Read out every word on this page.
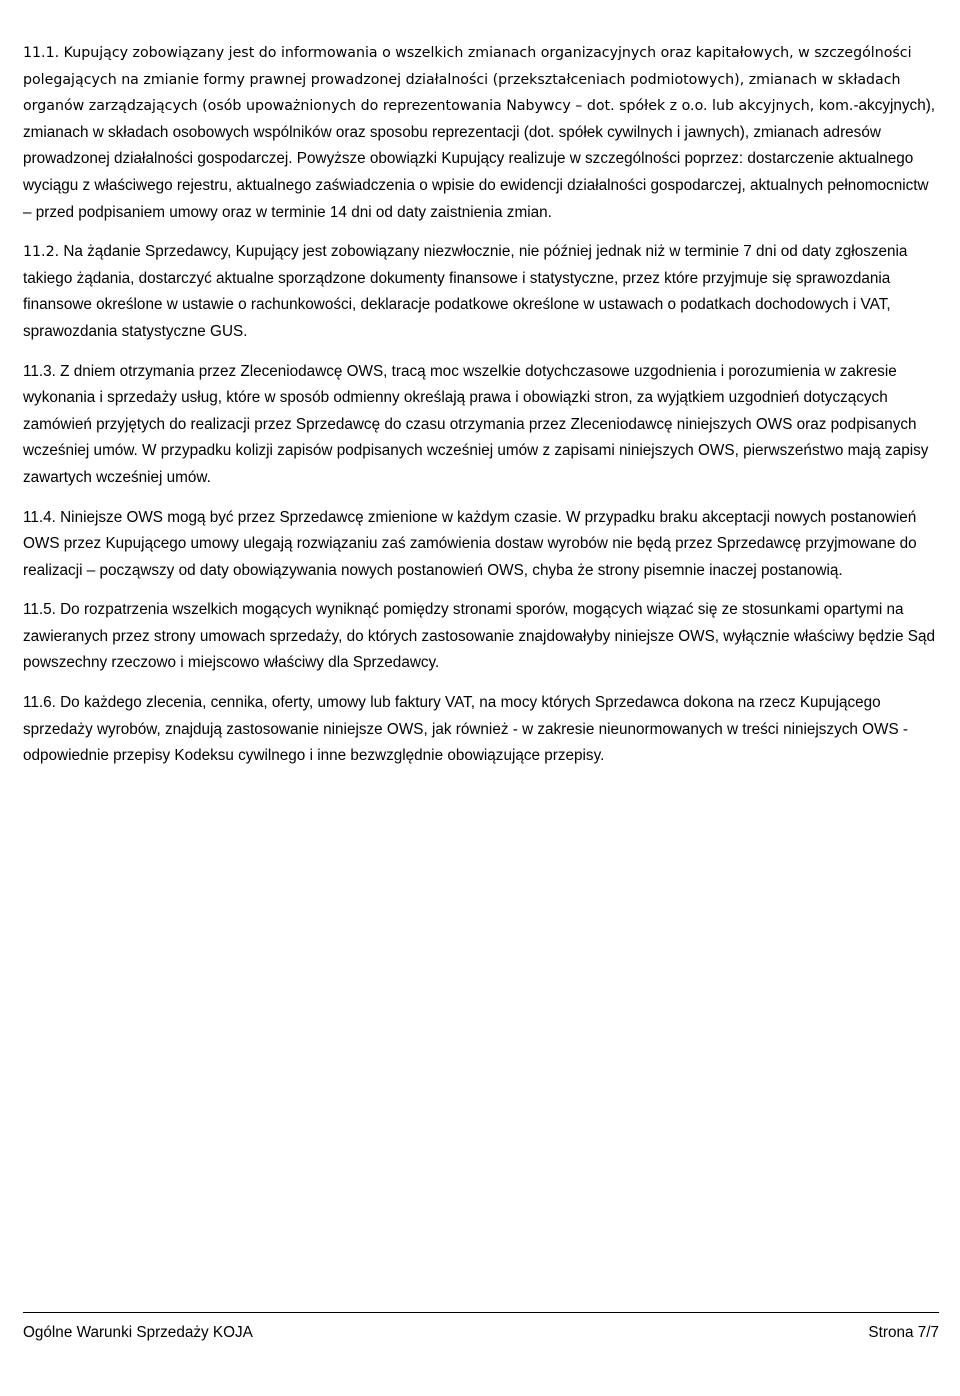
11.1. Kupujący zobowiązany jest do informowania o wszelkich zmianach organizacyjnych oraz kapitałowych, w szczególności polegających na zmianie formy prawnej prowadzonej działalności (przekształceniach podmiotowych), zmianach w składach organów zarządzających (osób upoważnionych do reprezentowania Nabywcy – dot. spółek z o.o. lub akcyjnych, kom.-akcyjnych), zmianach w składach osobowych wspólników oraz sposobu reprezentacji (dot. spółek cywilnych i jawnych), zmianach adresów prowadzonej działalności gospodarczej. Powyższe obowiązki Kupujący realizuje w szczególności poprzez: dostarczenie aktualnego wyciągu z właściwego rejestru, aktualnego zaświadczenia o wpisie do ewidencji działalności gospodarczej, aktualnych pełnomocnictw – przed podpisaniem umowy oraz w terminie 14 dni od daty zaistnienia zmian.

11.2. Na żądanie Sprzedawcy, Kupujący jest zobowiązany niezwłocznie, nie później jednak niż w terminie 7 dni od daty zgłoszenia takiego żądania, dostarczyć aktualne sporządzone dokumenty finansowe i statystyczne, przez które przyjmuje się sprawozdania finansowe określone w ustawie o rachunkowości, deklaracje podatkowe określone w ustawach o podatkach dochodowych i VAT, sprawozdania statystyczne GUS.

11.3. Z dniem otrzymania przez Zleceniodawcę OWS, tracą moc wszelkie dotychczasowe uzgodnienia i porozumienia w zakresie wykonania i sprzedaży usług, które w sposób odmienny określają prawa i obowiązki stron, za wyjątkiem uzgodnień dotyczących zamówień przyjętych do realizacji przez Sprzedawcę do czasu otrzymania przez Zleceniodawcę niniejszych OWS oraz podpisanych wcześniej umów. W przypadku kolizji zapisów podpisanych wcześniej umów z zapisami niniejszych OWS, pierwszeństwo mają zapisy zawartych wcześniej umów.

11.4. Niniejsze OWS mogą być przez Sprzedawcę zmienione w każdym czasie. W przypadku braku akceptacji nowych postanowień OWS przez Kupującego umowy ulegają rozwiązaniu zaś zamówienia dostaw wyrobów nie będą przez Sprzedawcę przyjmowane do realizacji – począwszy od daty obowiązywania nowych postanowień OWS, chyba że strony pisemnie inaczej postanowią.

11.5. Do rozpatrzenia wszelkich mogących wyniknąć pomiędzy stronami sporów, mogących wiązać się ze stosunkami opartymi na zawieranych przez strony umowach sprzedaży, do których zastosowanie znajdowałyby niniejsze OWS, wyłącznie właściwy będzie Sąd powszechny rzeczowo i miejscowo właściwy dla Sprzedawcy.

11.6. Do każdego zlecenia, cennika, oferty, umowy lub faktury VAT, na mocy których Sprzedawca dokona na rzecz Kupującego sprzedaży wyrobów, znajdują zastosowanie niniejsze OWS, jak również - w zakresie nieunormowanych w treści niniejszych OWS - odpowiednie przepisy Kodeksu cywilnego i inne bezwzględnie obowiązujące przepisy.

Ogólne Warunki Sprzedaży KOJA	Strona 7/7
